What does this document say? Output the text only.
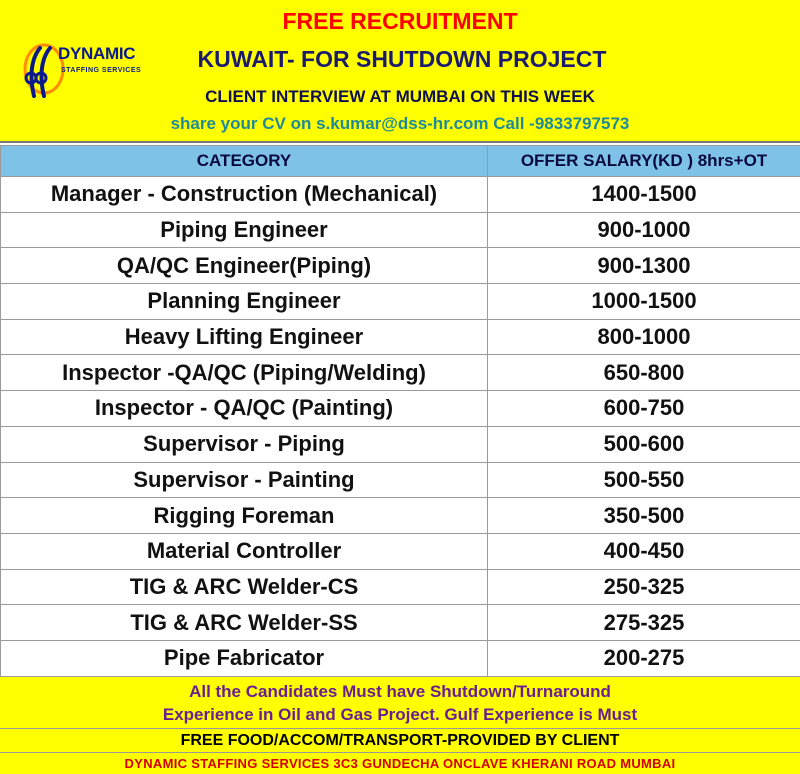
DYNAMIC
STAFFING SERVICES
FREE RECRUITMENT
KUWAIT- FOR SHUTDOWN PROJECT
CLIENT INTERVIEW AT MUMBAI ON THIS WEEK
share your CV on s.kumar@dss-hr.com Call -9833797573
CATEGORY	OFFER SALARY(KD ) 8hrs+OT
Manager - Construction (Mechanical)	1400-1500
Piping Engineer	900-1000
QA/QC Engineer(Piping)	900-1300
Planning Engineer	1000-1500
Heavy Lifting Engineer	800-1000
Inspector -QA/QC (Piping/Welding)	650-800
Inspector - QA/QC (Painting)	600-750
Supervisor - Piping	500-600
Supervisor - Painting	500-550
Rigging Foreman	350-500
Material Controller	400-450
TIG & ARC Welder-CS	250-325
TIG & ARC Welder-SS	275-325
Pipe Fabricator	200-275
All the Candidates Must have Shutdown/Turnaround
Experience in Oil and Gas Project. Gulf Experience is Must
FREE FOOD/ACCOM/TRANSPORT-PROVIDED BY CLIENT
DYNAMIC STAFFING SERVICES 3C3 GUNDECHA ONCLAVE KHERANI ROAD MUMBAI
